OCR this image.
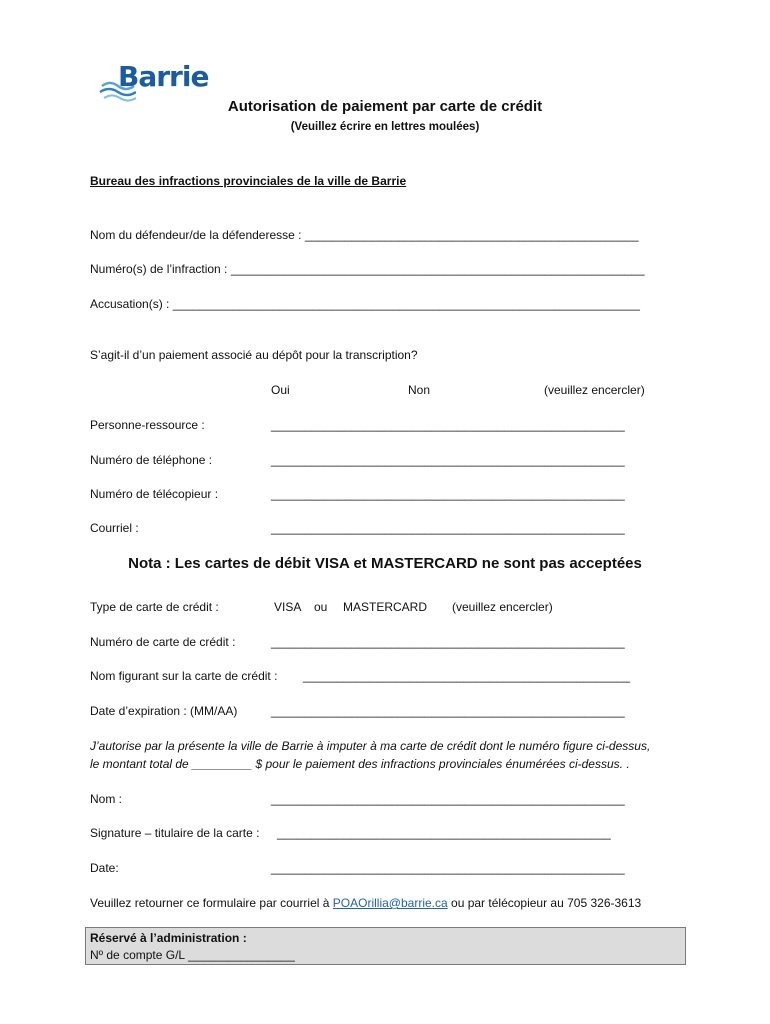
Barrie
Autorisation de paiement par carte de crédit
(Veuillez écrire en lettres moulées)
Bureau des infractions provinciales de la ville de Barrie
Nom du défendeur/de la défenderesse : __________________________________________________
Numéro(s) de l’infraction : ______________________________________________________________
Accusation(s) : ______________________________________________________________________
S’agit-il d’un paiement associé au dépôt pour la transcription?
Oui	Non	(veuillez encercler)
Personne-ressource :	_____________________________________________________
Numéro de téléphone :	_____________________________________________________
Numéro de télécopieur :	_____________________________________________________
Courriel :	_____________________________________________________
Nota : Les cartes de débit VISA et MASTERCARD ne sont pas acceptées
Type de carte de crédit :	VISA ou MASTERCARD (veuillez encercler)
Numéro de carte de crédit :	_____________________________________________________
Nom figurant sur la carte de crédit : _________________________________________________
Date d’expiration : (MM/AA)	_____________________________________________________
J’autorise par la présente la ville de Barrie à imputer à ma carte de crédit dont le numéro figure ci-dessus,
le montant total de _________ $ pour le paiement des infractions provinciales énumérées ci-dessus. .
Nom :	_____________________________________________________
Signature – titulaire de la carte : __________________________________________________
Date:	_____________________________________________________
Veuillez retourner ce formulaire par courriel à POAOrillia@barrie.ca ou par télécopieur au 705 326-3613
Réservé à l’administration :
Nº de compte G/L ________________
